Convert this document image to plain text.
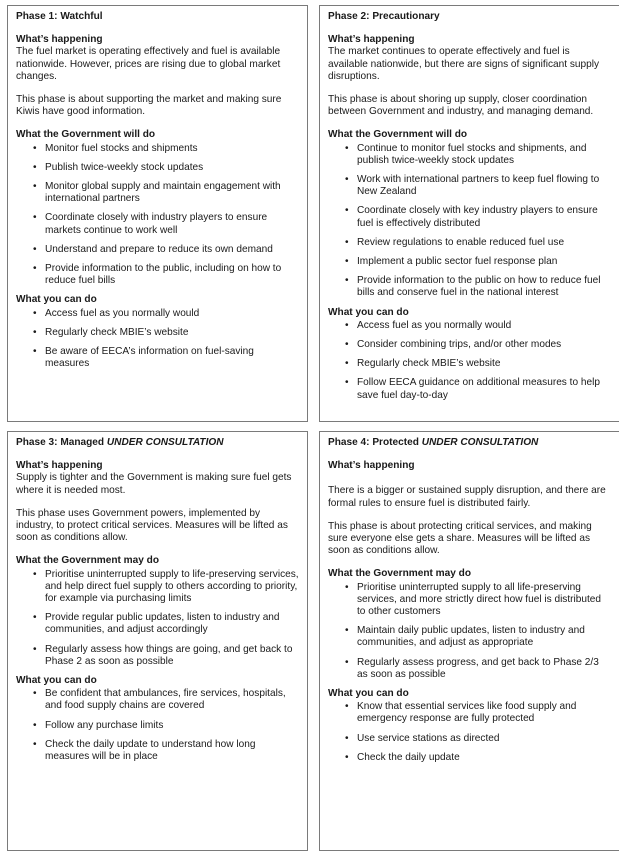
Phase 1: Watchful
What’s happening

The fuel market is operating effectively and fuel is available nationwide. However, prices are rising due to global market changes.

This phase is about supporting the market and making sure Kiwis have good information.

What the Government will do
• Monitor fuel stocks and shipments
• Publish twice-weekly stock updates
• Monitor global supply and maintain engagement with international partners
• Coordinate closely with industry players to ensure markets continue to work well
• Understand and prepare to reduce its own demand
• Provide information to the public, including on how to reduce fuel bills
What you can do
• Access fuel as you normally would
• Regularly check MBIE’s website
• Be aware of EECA’s information on fuel-saving measures
Phase 2: Precautionary
What’s happening

The market continues to operate effectively and fuel is available nationwide, but there are signs of significant supply disruptions.

This phase is about shoring up supply, closer coordination between Government and industry, and managing demand.

What the Government will do
• Continue to monitor fuel stocks and shipments, and publish twice-weekly stock updates
• Work with international partners to keep fuel flowing to New Zealand
• Coordinate closely with key industry players to ensure fuel is effectively distributed
• Review regulations to enable reduced fuel use
• Implement a public sector fuel response plan
• Provide information to the public on how to reduce fuel bills and conserve fuel in the national interest
What you can do
• Access fuel as you normally would
• Consider combining trips, and/or other modes
• Regularly check MBIE’s website
• Follow EECA guidance on additional measures to help save fuel day-to-day
Phase 3: Managed UNDER CONSULTATION
What’s happening

Supply is tighter and the Government is making sure fuel gets where it is needed most.

This phase uses Government powers, implemented by industry, to protect critical services. Measures will be lifted as soon as conditions allow.

What the Government may do
• Prioritise uninterrupted supply to life-preserving services, and help direct fuel supply to others according to priority, for example via purchasing limits
• Provide regular public updates, listen to industry and communities, and adjust accordingly
• Regularly assess how things are going, and get back to Phase 2 as soon as possible
What you can do
• Be confident that ambulances, fire services, hospitals, and food supply chains are covered
• Follow any purchase limits
• Check the daily update to understand how long measures will be in place
Phase 4: Protected UNDER CONSULTATION
What’s happening

There is a bigger or sustained supply disruption, and there are formal rules to ensure fuel is distributed fairly.

This phase is about protecting critical services, and making sure everyone else gets a share. Measures will be lifted as soon as conditions allow.

What the Government may do
• Prioritise uninterrupted supply to all life-preserving services, and more strictly direct how fuel is distributed to other customers
• Maintain daily public updates, listen to industry and communities, and adjust as appropriate
• Regularly assess progress, and get back to Phase 2/3 as soon as possible
What you can do
• Know that essential services like food supply and emergency response are fully protected
• Use service stations as directed
• Check the daily update
